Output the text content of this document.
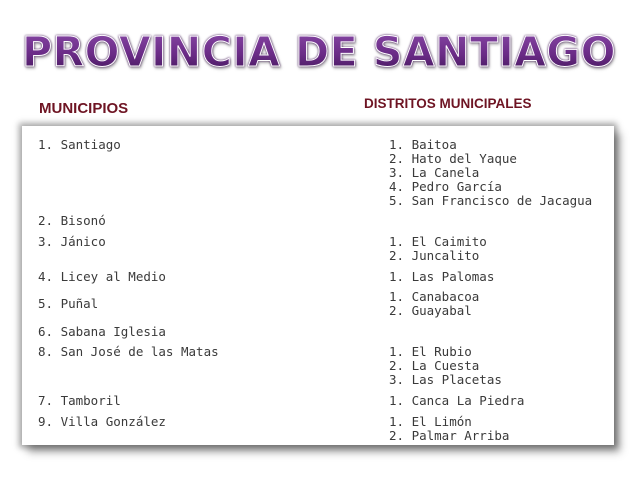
PROVINCIA DE SANTIAGO
MUNICIPIOS	DISTRITOS MUNICIPALES
1. Santiago
2. Bisonó
3. Jánico
4. Licey al Medio
5. Puñal
6. Sabana Iglesia
8. San José de las Matas
7. Tamboril
9. Villa González
1. Baitoa
2. Hato del Yaque
3. La Canela
4. Pedro García
5. San Francisco de Jacagua
1. El Caimito
2. Juncalito
1. Las Palomas
1. Canabacoa
2. Guayabal
1. El Rubio
2. La Cuesta
3. Las Placetas
1. Canca La Piedra
1. El Limón
2. Palmar Arriba
